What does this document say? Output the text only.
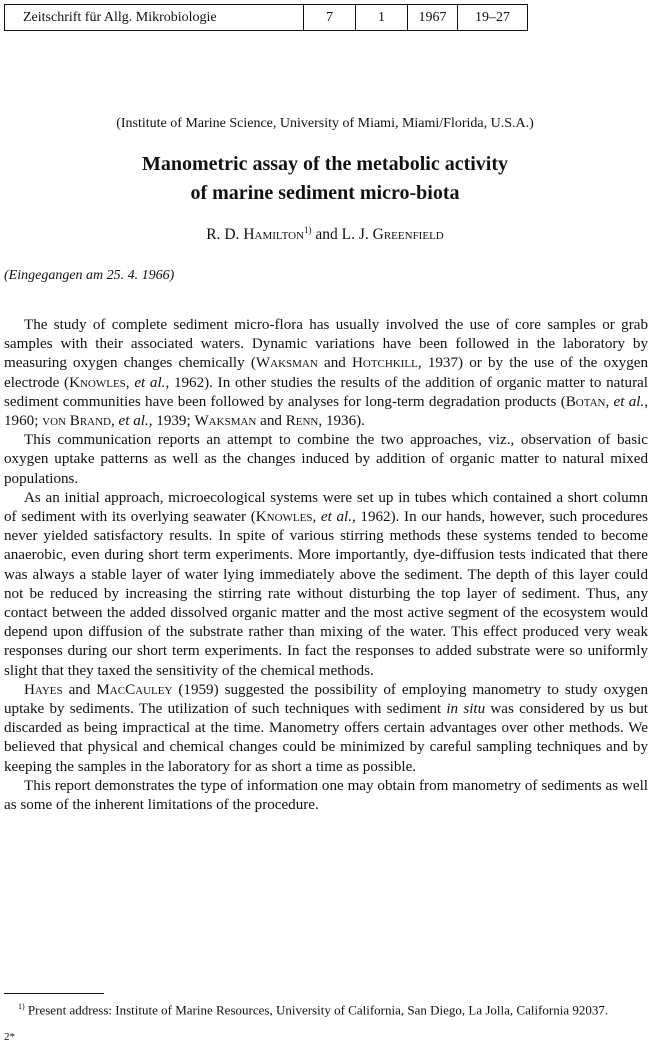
Zeitschrift für Allg. Mikrobiologie	7	1	1967	19–27
(Institute of Marine Science, University of Miami, Miami/Florida, U.S.A.)
Manometric assay of the metabolic activity
of marine sediment micro-biota
R. D. Hamilton$^{1)}$ and L. J. Greenfield
(Eingegangen am 25. 4. 1966)

The study of complete sediment micro-flora has usually involved the use of core samples or grab samples with their associated waters. Dynamic variations have been followed in the laboratory by measuring oxygen changes chemically (Waksman and Hotchkill, 1937) or by the use of the oxygen electrode (Knowles, et al., 1962). In other studies the results of the addition of organic matter to natural sediment communities have been followed by analyses for long-term degradation products (Botan, et al., 1960; von Brand, et al., 1939; Waksman and Renn, 1936).

This communication reports an attempt to combine the two approaches, viz., observation of basic oxygen uptake patterns as well as the changes induced by addition of organic matter to natural mixed populations.

As an initial approach, microecological systems were set up in tubes which contained a short column of sediment with its overlying seawater (Knowles, et al., 1962). In our hands, however, such procedures never yielded satisfactory results. In spite of various stirring methods these systems tended to become anaerobic, even during short term experiments. More importantly, dye-diffusion tests indicated that there was always a stable layer of water lying immediately above the sediment. The depth of this layer could not be reduced by increasing the stirring rate without disturbing the top layer of sediment. Thus, any contact between the added dissolved organic matter and the most active segment of the ecosystem would depend upon diffusion of the substrate rather than mixing of the water. This effect produced very weak responses during our short term experiments. In fact the responses to added substrate were so uniformly slight that they taxed the sensitivity of the chemical methods.

Hayes and MacCauley (1959) suggested the possibility of employing manometry to study oxygen uptake by sediments. The utilization of such techniques with sediment in situ was considered by us but discarded as being impractical at the time. Manometry offers certain advantages over other methods. We believed that physical and chemical changes could be minimized by careful sampling techniques and by keeping the samples in the laboratory for as short a time as possible.

This report demonstrates the type of information one may obtain from manometry of sediments as well as some of the inherent limitations of the procedure.

$^{1)}$ Present address: Institute of Marine Resources, University of California, San Diego, La Jolla, California 92037.
2*
